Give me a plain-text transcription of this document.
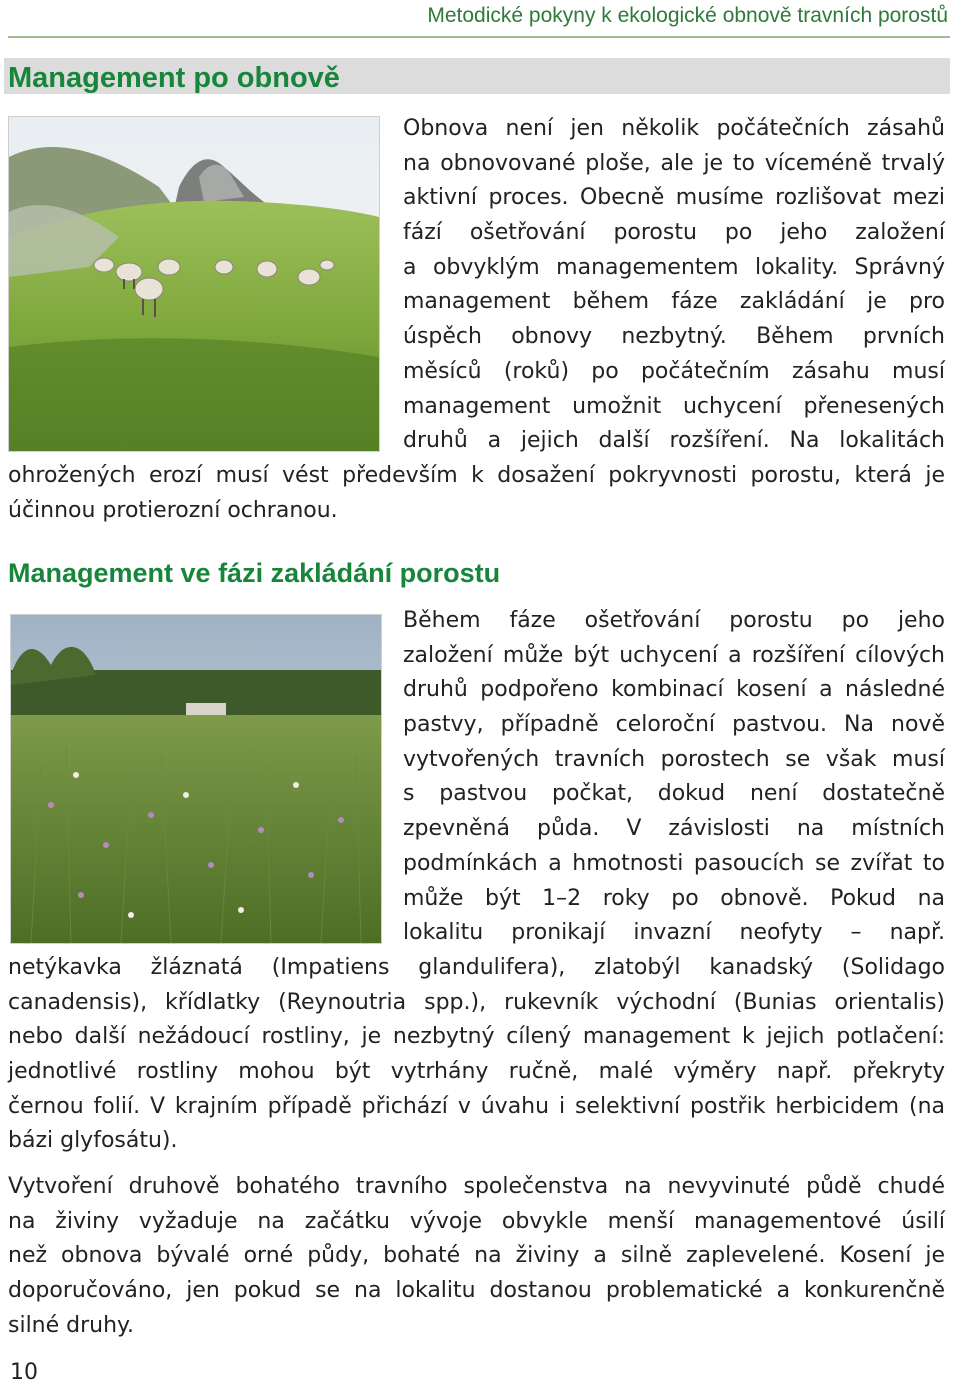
Metodické pokyny k ekologické obnově travních porostů
Management po obnově
Obnova není jen několik počátečních zásahů
na obnovované ploše, ale je to víceméně trvalý
aktivní proces. Obecně musíme rozlišovat mezi
fází ošetřování porostu po jeho založení
a obvyklým managementem lokality. Správný
management během fáze zakládání je pro
úspěch obnovy nezbytný. Během prvních
měsíců (roků) po počátečním zásahu musí
management umožnit uchycení přenesených
druhů a jejich další rozšíření. Na lokalitách
ohrožených erozí musí vést především k dosažení pokryvnosti porostu, která je
účinnou protierozní ochranou.
Management ve fázi zakládání porostu
Během fáze ošetřování porostu po jeho
založení může být uchycení a rozšíření cílových
druhů podpořeno kombinací kosení a následné
pastvy, případně celoroční pastvou. Na nově
vytvořených travních porostech se však musí
s pastvou počkat, dokud není dostatečně
zpevněná půda. V závislosti na místních
podmínkách a hmotnosti pasoucích se zvířat to
může být 1–2 roky po obnově. Pokud na
lokalitu pronikají invazní neofyty – např.
netýkavka žláznatá (Impatiens glandulifera), zlatobýl kanadský (Solidago
canadensis), křídlatky (Reynoutria spp.), rukevník východní (Bunias orientalis)
nebo další nežádoucí rostliny, je nezbytný cílený management k jejich potlačení:
jednotlivé rostliny mohou být vytrhány ručně, malé výměry např. překryty
černou folií. V krajním případě přichází v úvahu i selektivní postřik herbicidem (na
bázi glyfosátu).
Vytvoření druhově bohatého travního společenstva na nevyvinuté půdě chudé
na živiny vyžaduje na začátku vývoje obvykle menší managementové úsilí
než obnova bývalé orné půdy, bohaté na živiny a silně zaplevelené. Kosení je
doporučováno, jen pokud se na lokalitu dostanou problematické a konkurenčně
silné druhy.
10
